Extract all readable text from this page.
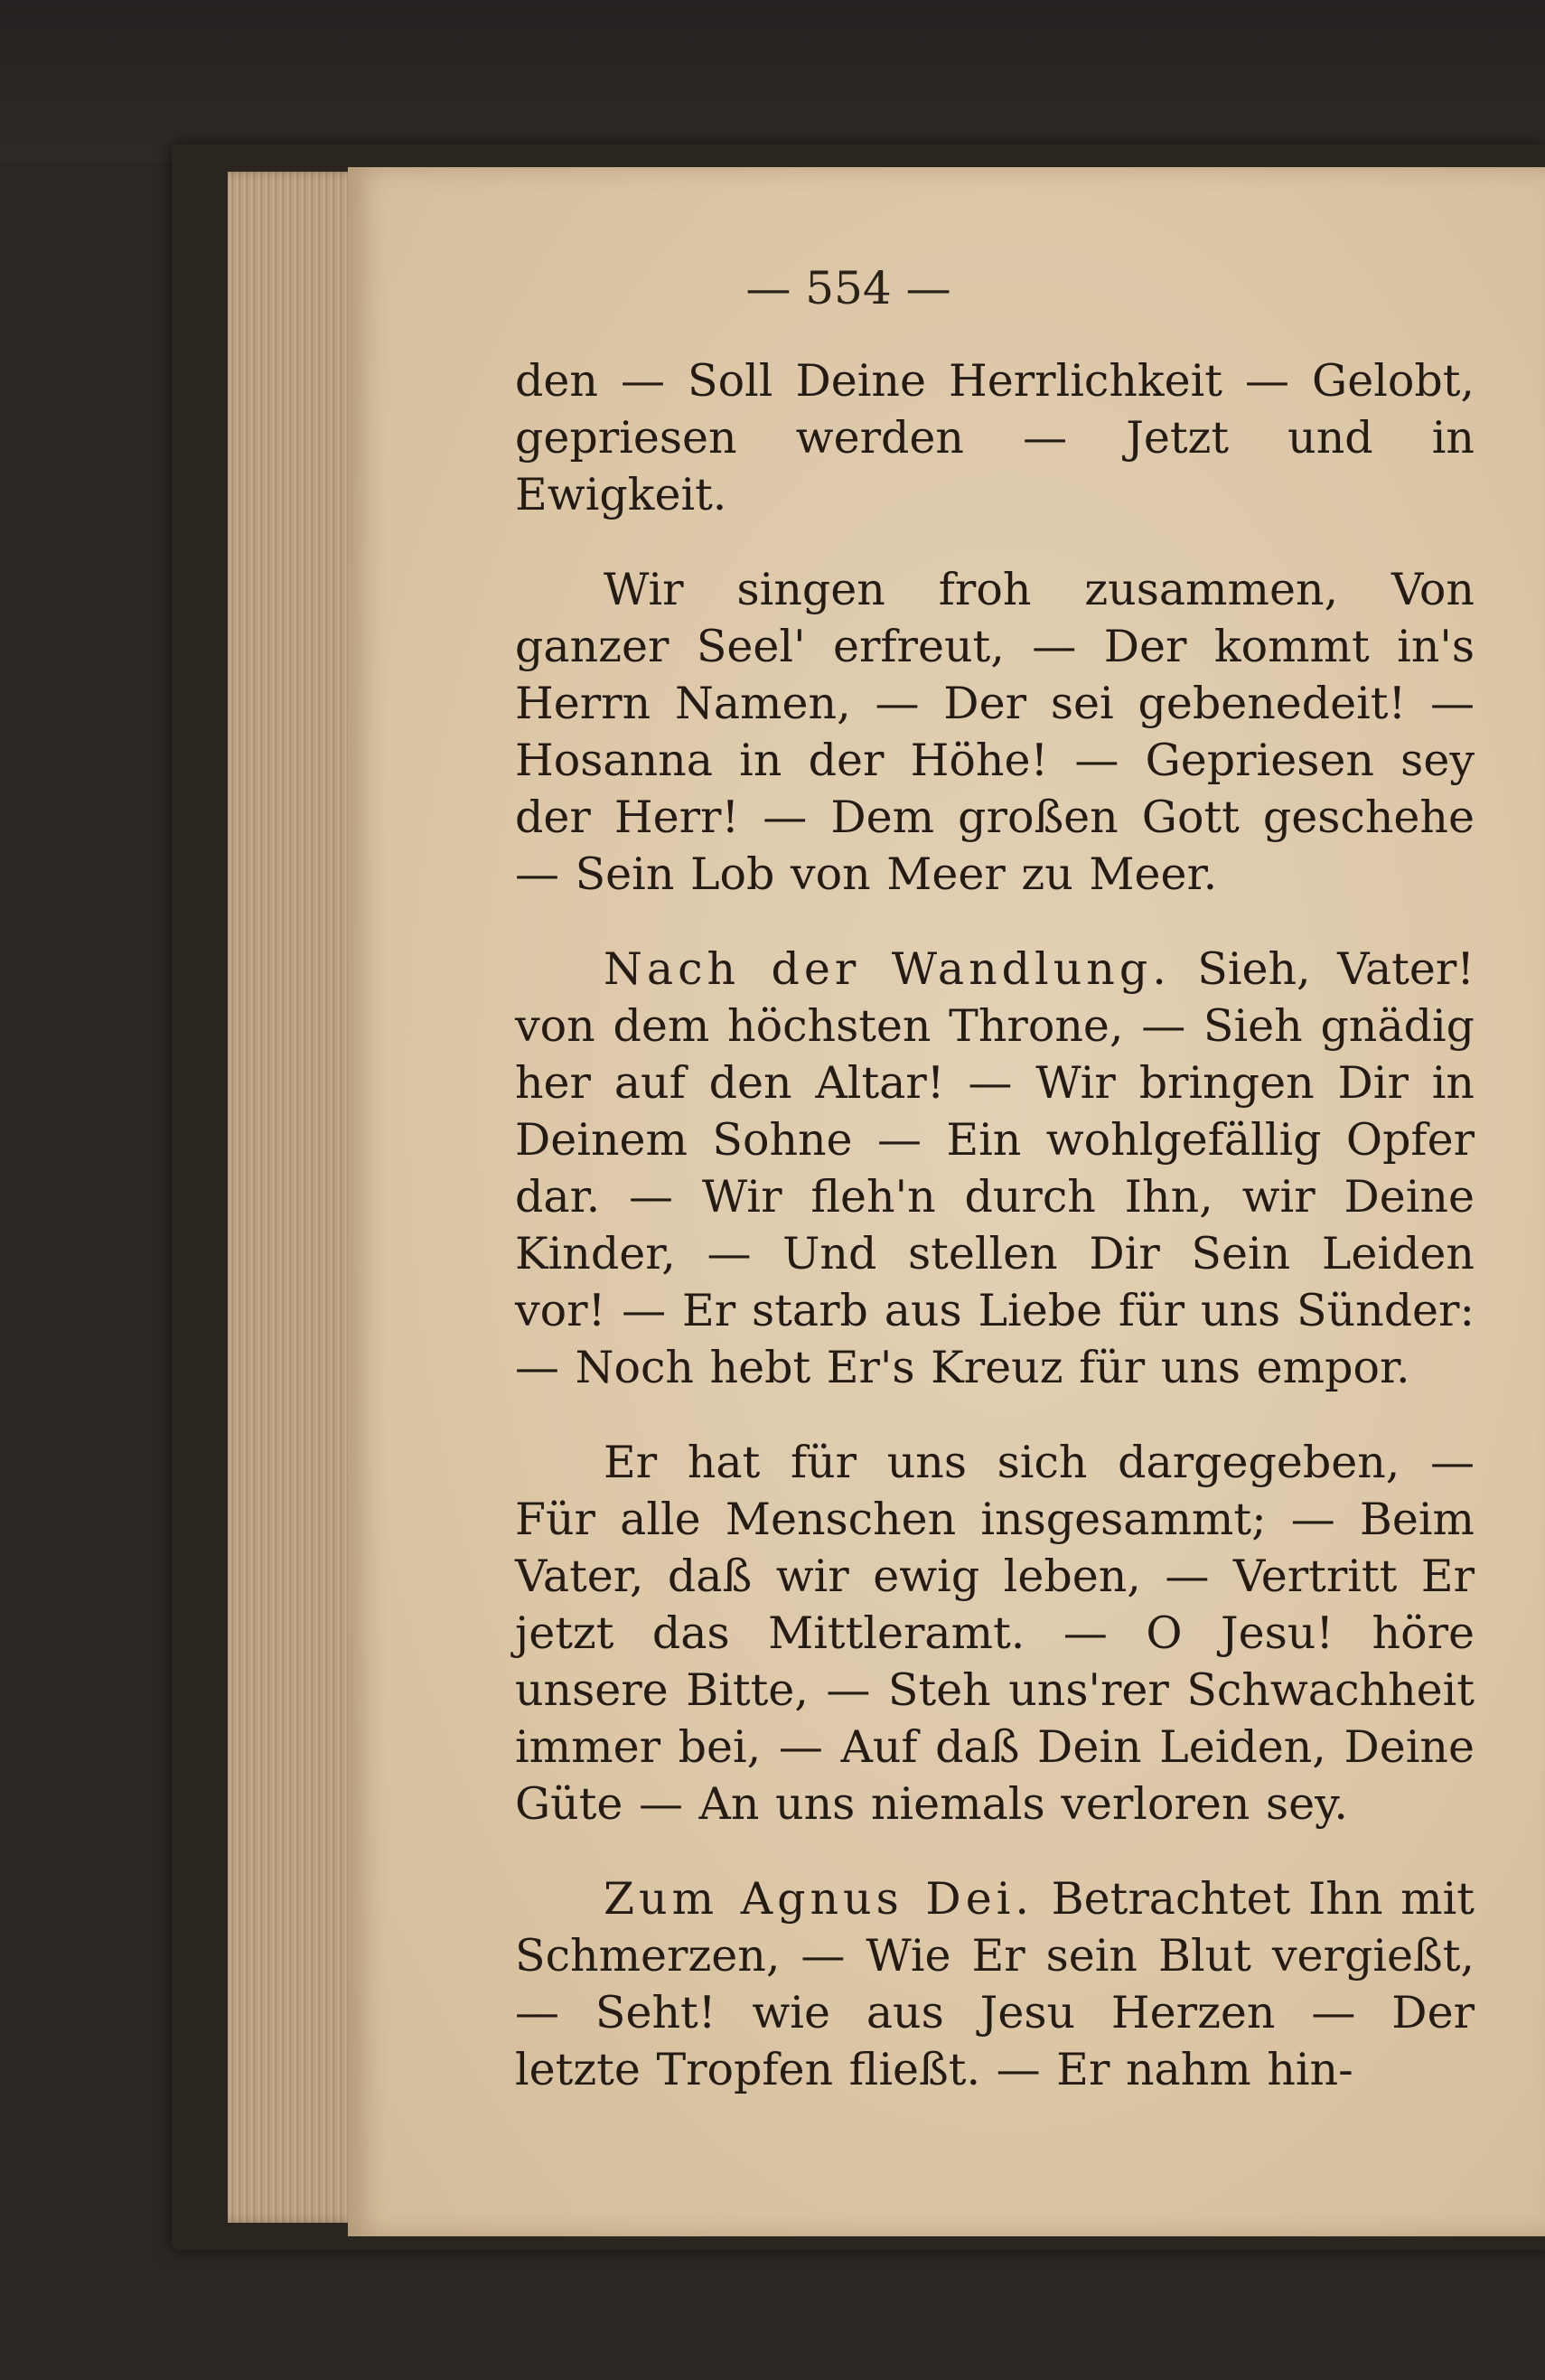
— 554 —

den — Soll Deine Herrlichkeit — Gelobt, gepriesen werden — Jetzt und in Ewigkeit.

Wir singen froh zusammen, Von ganzer Seel' erfreut, — Der kommt in's Herrn Namen, — Der sei gebenedeit! — Hosanna in der Höhe! — Gepriesen sey der Herr! — Dem großen Gott geschehe — Sein Lob von Meer zu Meer.

Nach der Wandlung. Sieh, Vater! von dem höchsten Throne, — Sieh gnädig her auf den Altar! — Wir bringen Dir in Deinem Sohne — Ein wohlgefällig Opfer dar. — Wir fleh'n durch Ihn, wir Deine Kinder, — Und stellen Dir Sein Leiden vor! — Er starb aus Liebe für uns Sünder: — Noch hebt Er's Kreuz für uns empor.

Er hat für uns sich dargegeben, — Für alle Menschen insgesammt; — Beim Vater, daß wir ewig leben, — Vertritt Er jetzt das Mittleramt. — O Jesu! höre unsere Bitte, — Steh uns'rer Schwachheit immer bei, — Auf daß Dein Leiden, Deine Güte — An uns niemals verloren sey.

Zum Agnus Dei. Betrachtet Ihn mit Schmerzen, — Wie Er sein Blut vergießt, — Seht! wie aus Jesu Herzen — Der letzte Tropfen fließt. — Er nahm hin-
